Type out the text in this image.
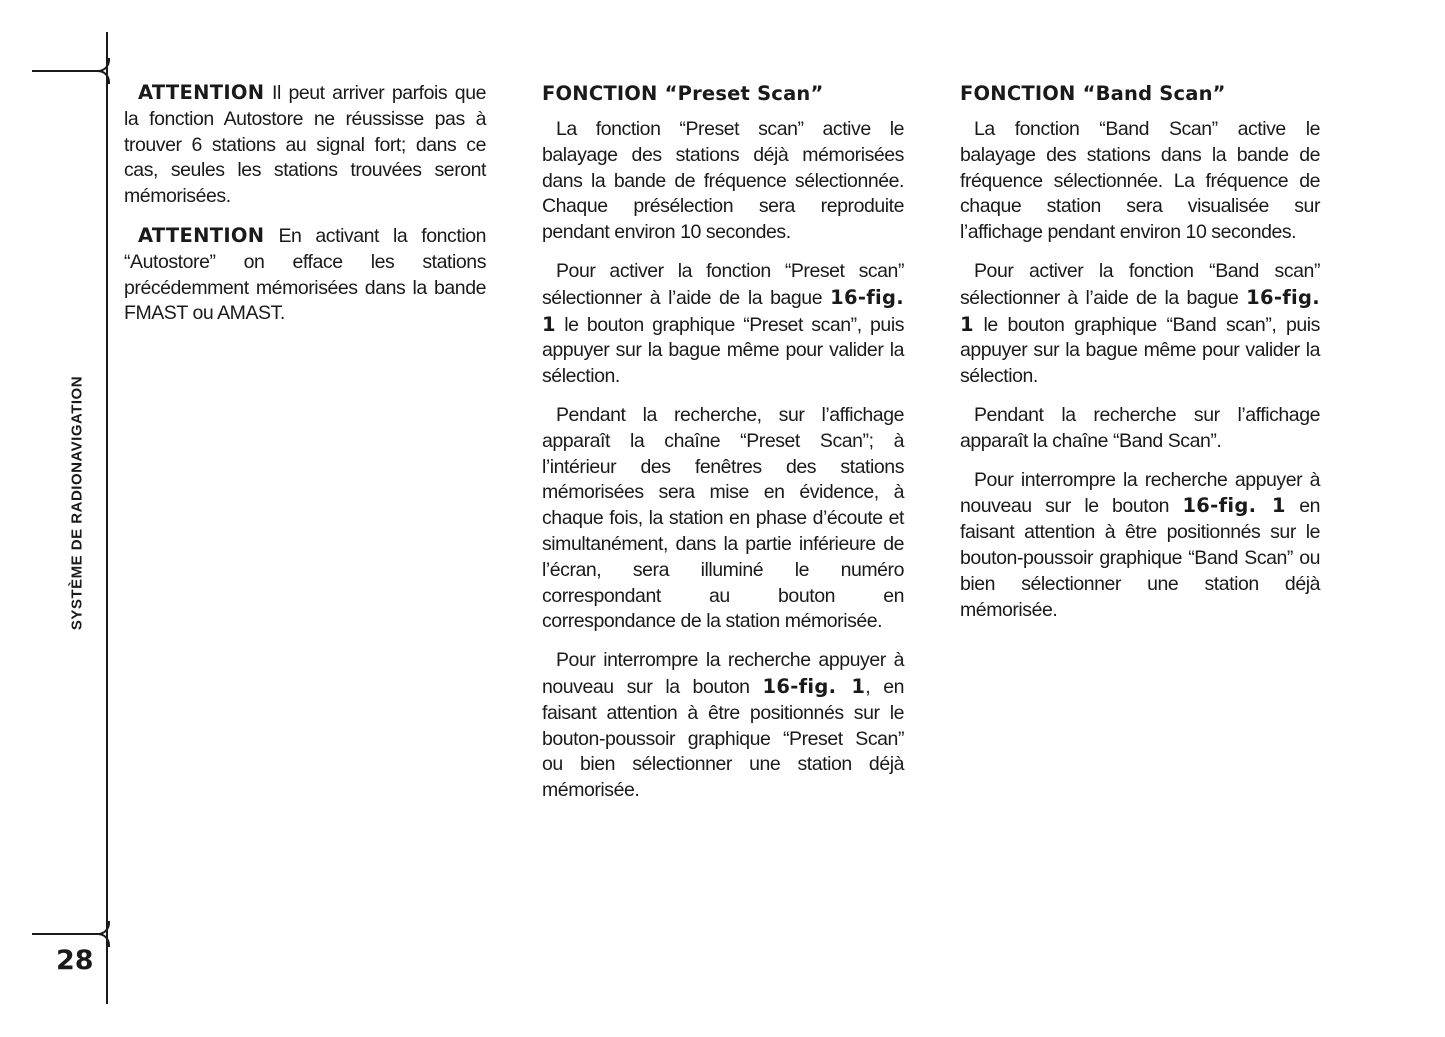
SYSTÈME DE RADIONAVIGATION
28

ATTENTION Il peut arriver parfois que la fonction Autostore ne réussisse pas à trouver 6 stations au signal fort; dans ce cas, seules les stations trouvées seront mémorisées.

ATTENTION En activant la fonction “Autostore” on efface les stations précédemment mémorisées dans la bande FMAST ou AMAST.

FONCTION “Preset Scan”

La fonction “Preset scan” active le balayage des stations déjà mémorisées dans la bande de fréquence sélectionnée. Chaque présélection sera reproduite pendant environ 10 secondes.

Pour activer la fonction “Preset scan” sélectionner à l’aide de la bague 16-fig. 1 le bouton graphique “Preset scan”, puis appuyer sur la bague même pour valider la sélection.

Pendant la recherche, sur l’affichage apparaît la chaîne “Preset Scan”; à l’intérieur des fenêtres des stations mémorisées sera mise en évidence, à chaque fois, la station en phase d’écoute et simultanément, dans la partie inférieure de l’écran, sera illuminé le numéro correspondant au bouton en correspondance de la station mémorisée.

Pour interrompre la recherche appuyer à nouveau sur la bouton 16-fig. 1, en faisant attention à être positionnés sur le bouton-poussoir graphique “Preset Scan” ou bien sélectionner une station déjà mémorisée.

FONCTION “Band Scan”

La fonction “Band Scan” active le balayage des stations dans la bande de fréquence sélectionnée. La fréquence de chaque station sera visualisée sur l’affichage pendant environ 10 secondes.

Pour activer la fonction “Band scan” sélectionner à l’aide de la bague 16-fig. 1 le bouton graphique “Band scan”, puis appuyer sur la bague même pour valider la sélection.

Pendant la recherche sur l’affichage apparaît la chaîne “Band Scan”.

Pour interrompre la recherche appuyer à nouveau sur le bouton 16-fig. 1 en faisant attention à être positionnés sur le bouton-poussoir graphique “Band Scan” ou bien sélectionner une station déjà mémorisée.
